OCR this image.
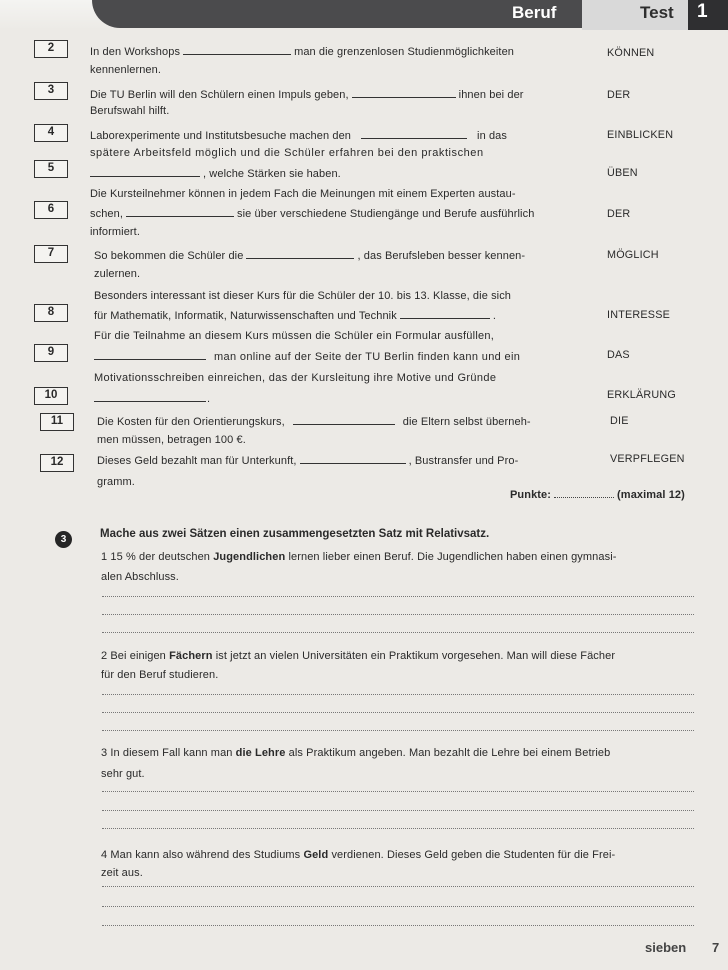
Beruf	Test	1
2	In den Workshops	man die grenzenlosen Studienmöglichkeiten
kennenlernen.
KÖNNEN
3	Die TU Berlin will den Schülern einen Impuls geben,	ihnen bei der
Berufswahl hilft.
DER
4	Laborexperimente und Institutsbesuche machen den	in das
spätere Arbeitsfeld möglich und die Schüler erfahren bei den praktischen
EINBLICKEN
5	, welche Stärken sie haben.	ÜBEN
Die Kursteilnehmer können in jedem Fach die Meinungen mit einem Experten austau-
6	schen,	sie über verschiedene Studiengänge und Berufe ausführlich
informiert.
DER
7	So bekommen die Schüler die	, das Berufsleben besser kennen-
zulernen.
MÖGLICH
Besonders interessant ist dieser Kurs für die Schüler der 10. bis 13. Klasse, die sich
8	für Mathematik, Informatik, Naturwissenschaften und Technik	.	INTERESSE
Für die Teilnahme an diesem Kurs müssen die Schüler ein Formular ausfüllen,
9	man online auf der Seite der TU Berlin finden kann und ein	DAS
Motivationsschreiben einreichen, das der Kursleitung ihre Motive und Gründe
10	.	ERKLÄRUNG
11	Die Kosten für den Orientierungskurs,	die Eltern selbst überneh-
men müssen, betragen 100 €.
DIE
12	Dieses Geld bezahlt man für Unterkunft,	, Bustransfer und Pro-
gramm.
VERPFLEGEN
Punkte:	(maximal 12)
3	Mache aus zwei Sätzen einen zusammengesetzten Satz mit Relativsatz.
1 15 % der deutschen Jugendlichen lernen lieber einen Beruf. Die Jugendlichen haben einen gymnasi-
alen Abschluss.
2 Bei einigen Fächern ist jetzt an vielen Universitäten ein Praktikum vorgesehen. Man will diese Fächer
für den Beruf studieren.
3 In diesem Fall kann man die Lehre als Praktikum angeben. Man bezahlt die Lehre bei einem Betrieb
sehr gut.
4 Man kann also während des Studiums Geld verdienen. Dieses Geld geben die Studenten für die Frei-
zeit aus.
sieben 7
